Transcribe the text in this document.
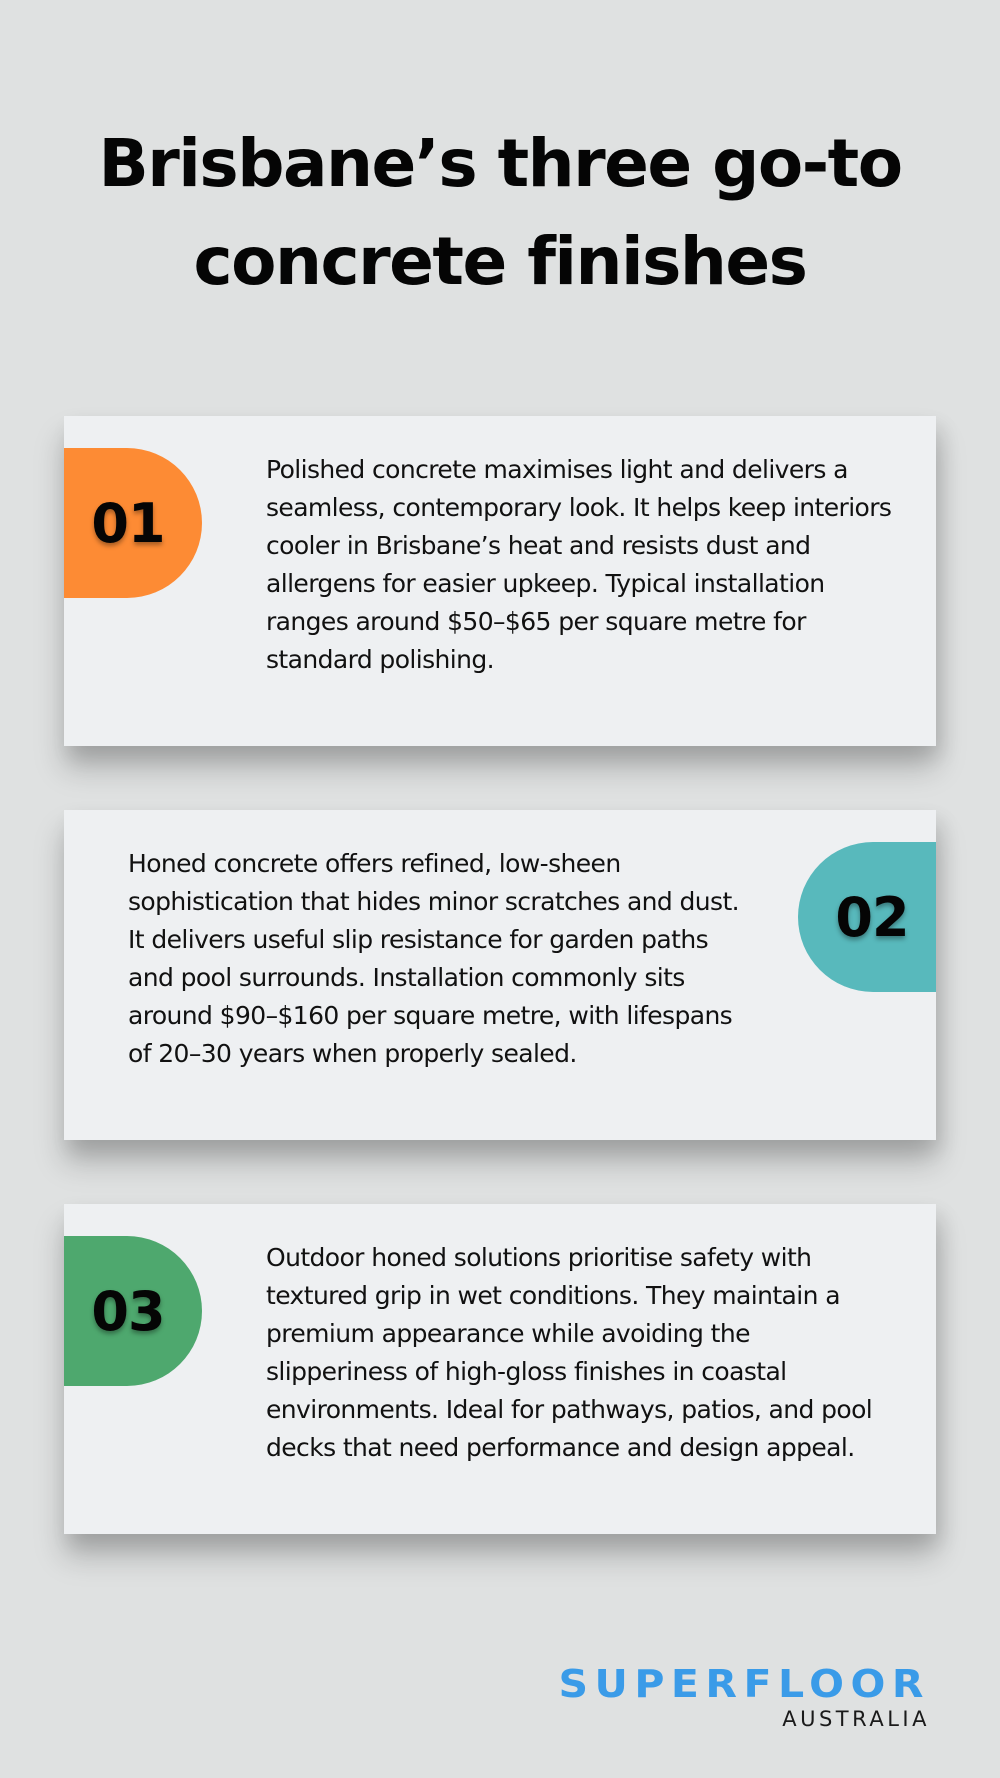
Brisbane’s three go-to
concrete finishes
01

Polished concrete maximises light and delivers a seamless, contemporary look. It helps keep interiors cooler in Brisbane’s heat and resists dust and allergens for easier upkeep. Typical installation ranges around $50–$65 per square metre for standard polishing.

Honed concrete offers refined, low-sheen sophistication that hides minor scratches and dust. It delivers useful slip resistance for garden paths and pool surrounds. Installation commonly sits around $90–$160 per square metre, with lifespans of 20–30 years when properly sealed.

02
03

Outdoor honed solutions prioritise safety with textured grip in wet conditions. They maintain a premium appearance while avoiding the slipperiness of high-gloss finishes in coastal environments. Ideal for pathways, patios, and pool decks that need performance and design appeal.

SUPERFLOOR
AUSTRALIA
